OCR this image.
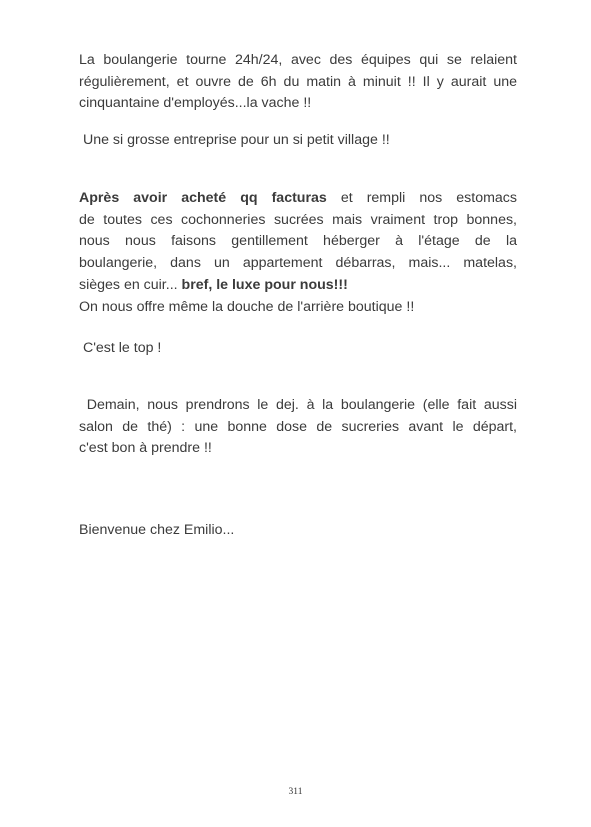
La boulangerie tourne 24h/24, avec des équipes qui se relaient régulièrement, et ouvre de 6h du matin à minuit !! Il y aurait une cinquantaine d'employés...la vache !!

Une si grosse entreprise pour un si petit village !!

Après avoir acheté qq facturas et rempli nos estomacs
de toutes ces cochonneries sucrées mais vraiment trop bonnes,
nous nous faisons gentillement héberger à l'étage de la
boulangerie, dans un appartement débarras, mais... matelas,
sièges en cuir... bref, le luxe pour nous!!!
On nous offre même la douche de l'arrière boutique !!

C'est le top !

Demain, nous prendrons le dej. à la boulangerie (elle fait aussi
salon de thé) : une bonne dose de sucreries avant le départ,
c'est bon à prendre !!

Bienvenue chez Emilio...

311
